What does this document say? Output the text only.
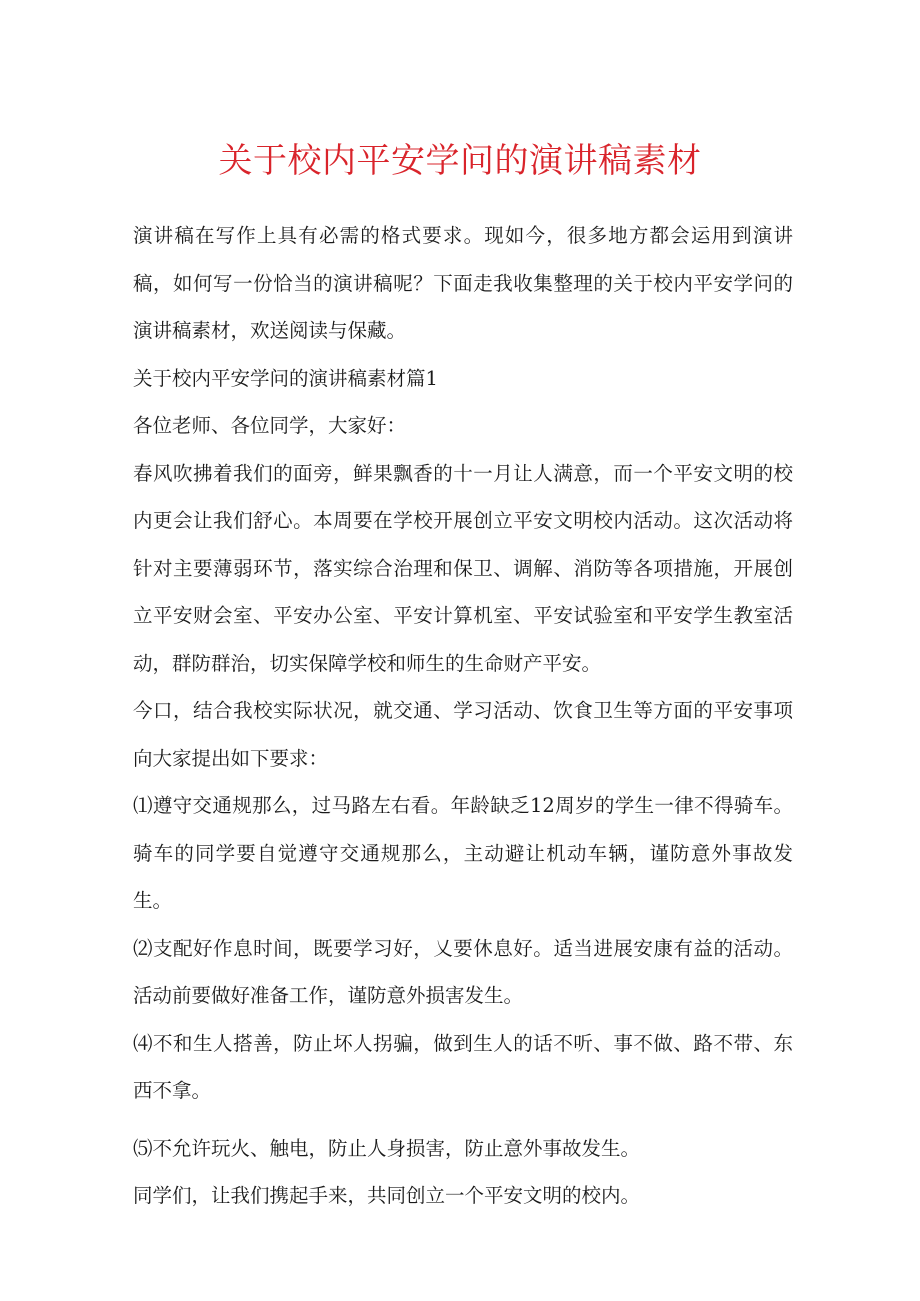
关于校内平安学问的演讲稿素材

演讲稿在写作上具有必需的格式要求。现如今，很多地方都会运用到演讲稿，如何写一份恰当的演讲稿呢？下面走我收集整理的关于校内平安学问的演讲稿素材，欢送阅读与保藏。

关于校内平安学问的演讲稿素材篇1

各位老师、各位同学，大家好：

春风吹拂着我们的面旁，鲜果飘香的十一月让人满意，而一个平安文明的校内更会让我们舒心。本周要在学校开展创立平安文明校内活动。这次活动将针对主要薄弱环节，落实综合治理和保卫、调解、消防等各项措施，开展创立平安财会室、平安办公室、平安计算机室、平安试验室和平安学生教室活动，群防群治，切实保障学校和师生的生命财产平安。

今口，结合我校实际状况，就交通、学习活动、饮食卫生等方面的平安事项向大家提出如下要求：

⑴遵守交通规那么，过马路左右看。年龄缺乏12周岁的学生一律不得骑车。骑车的同学要自觉遵守交通规那么，主动避让机动车辆，谨防意外事故发生。

⑵支配好作息时间，既要学习好，乂要休息好。适当进展安康有益的活动。活动前要做好准备工作，谨防意外损害发生。

⑷不和生人搭善，防止坏人拐骗，做到生人的话不听、事不做、路不带、东西不拿。

⑸不允许玩火、触电，防止人身损害，防止意外事故发生。

同学们，让我们携起手来，共同创立一个平安文明的校内。
